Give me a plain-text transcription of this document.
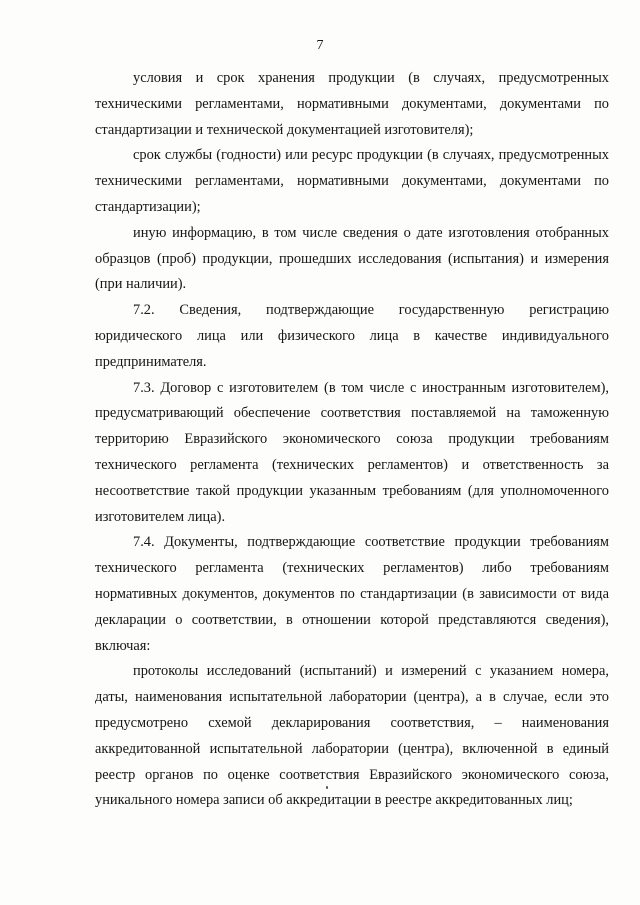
7

условия и срок хранения продукции (в случаях, предусмотренных техническими регламентами, нормативными документами, документами по стандартизации и технической документацией изготовителя);

срок службы (годности) или ресурс продукции (в случаях, предусмотренных техническими регламентами, нормативными документами, документами по стандартизации);

иную информацию, в том числе сведения о дате изготовления отобранных образцов (проб) продукции, прошедших исследования (испытания) и измерения (при наличии).

7.2. Сведения, подтверждающие государственную регистрацию юридического лица или физического лица в качестве индивидуального предпринимателя.

7.3. Договор с изготовителем (в том числе с иностранным изготовителем), предусматривающий обеспечение соответствия поставляемой на таможенную территорию Евразийского экономического союза продукции требованиям технического регламента (технических регламентов) и ответственность за несоответствие такой продукции указанным требованиям (для уполномоченного изготовителем лица).

7.4. Документы, подтверждающие соответствие продукции требованиям технического регламента (технических регламентов) либо требованиям нормативных документов, документов по стандартизации (в зависимости от вида декларации о соответствии, в отношении которой представляются сведения), включая:

протоколы исследований (испытаний) и измерений с указанием номера, даты, наименования испытательной лаборатории (центра), а в случае, если это предусмотрено схемой декларирования соответствия, – наименования аккредитованной испытательной лаборатории (центра), включенной в единый реестр органов по оценке соответствия Евразийского экономического союза, уникального номера записи об аккредитации в реестре аккредитованных лиц;
